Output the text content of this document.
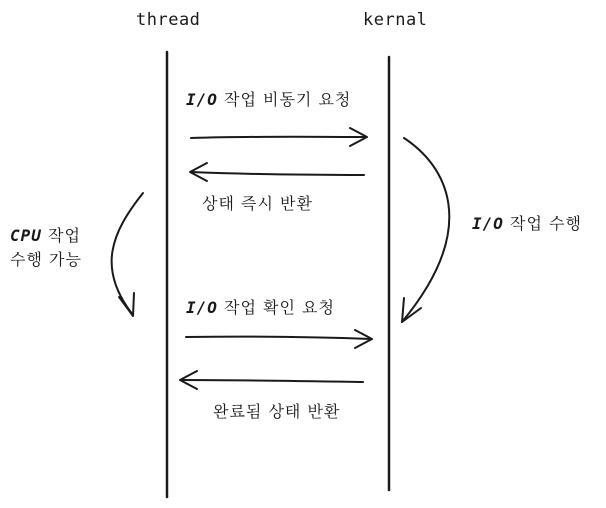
thread	kernal
I/O 작업 비동기 요청
상태 즉시 반환
I/O 작업 확인 요청
완료됨 상태 반환
CPU 작업
수행 가능
I/O 작업 수행
